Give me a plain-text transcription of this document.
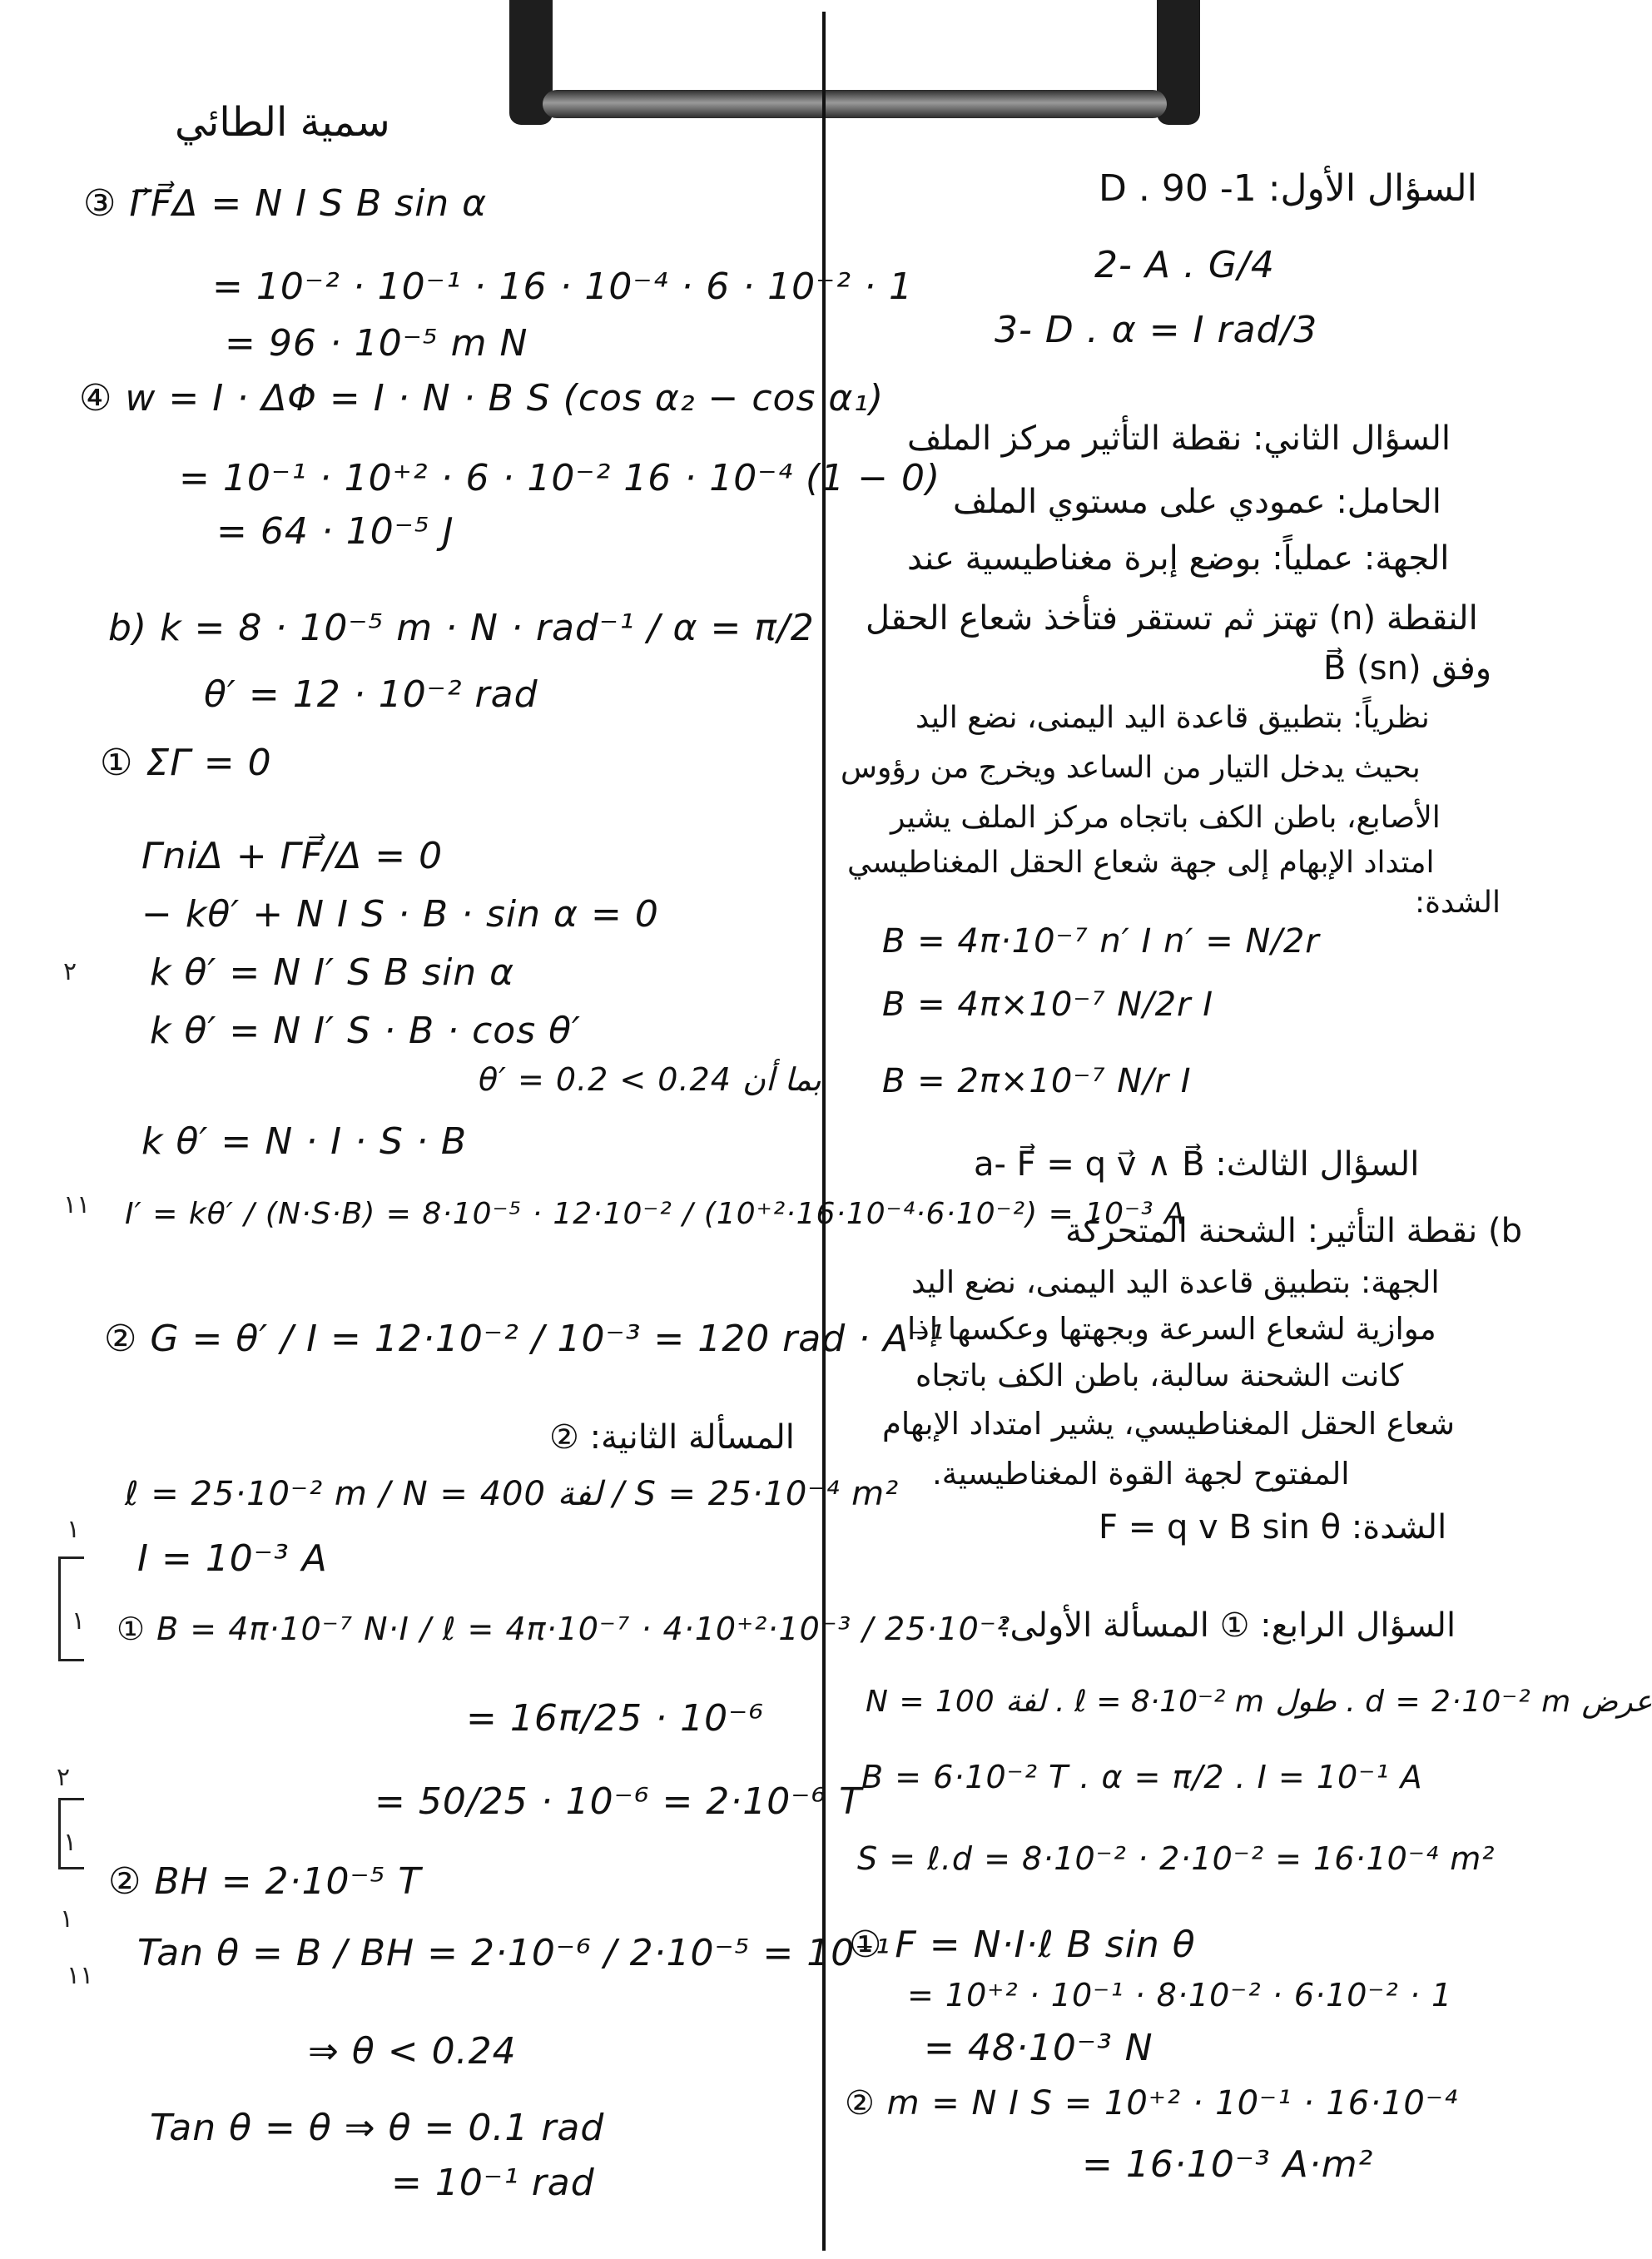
سمية الطائي
③ Γ⃗F⃗Δ = N I S B sin α
= 10⁻² · 10⁻¹ · 16 · 10⁻⁴ · 6 · 10⁻² · 1
= 96 · 10⁻⁵ m N
④ w = I · ΔΦ = I · N · B S (cos α₂ − cos α₁)
= 10⁻¹ · 10⁺² · 6 · 10⁻² 16 · 10⁻⁴ (1 − 0)
= 64 · 10⁻⁵ J
b) k = 8 · 10⁻⁵ m · N · rad⁻¹ / α = π/2
θ′ = 12 · 10⁻² rad
① ΣΓ = 0
ΓniΔ + ΓF⃗/Δ = 0
− kθ′ + N I S · B · sin α = 0
k θ′ = N I′ S B sin α
k θ′ = N I′ S · B · cos θ′
θ′ = 0.2 < 0.24 بما أن
k θ′ = N · I · S · B
I′ = kθ′ / (N·S·B) = 8·10⁻⁵ · 12·10⁻² / (10⁺²·16·10⁻⁴·6·10⁻²) = 10⁻³ A
② G = θ′ / I = 12·10⁻² / 10⁻³ = 120 rad · A⁻¹
المسألة الثانية: ②
ℓ = 25·10⁻² m / N = 400 لفة / S = 25·10⁻⁴ m²
I = 10⁻³ A
① B = 4π·10⁻⁷ N·I / ℓ = 4π·10⁻⁷ · 4·10⁺²·10⁻³ / 25·10⁻²
= 16π/25 · 10⁻⁶
= 50/25 · 10⁻⁶ = 2·10⁻⁶ T
② BH = 2·10⁻⁵ T
Tan θ = B / BH = 2·10⁻⁶ / 2·10⁻⁵ = 10⁻¹
⇒ θ < 0.24
Tan θ = θ ⇒ θ = 0.1 rad
= 10⁻¹ rad
٢
١١
١
٢
١
١
١١
١
السؤال الأول: 1- D . 90
2- A . G/4
3- D . α = I rad/3
السؤال الثاني: نقطة التأثير مركز الملف
الحامل: عمودي على مستوي الملف
الجهة: عملياً: بوضع إبرة مغناطيسية عند
النقطة (n) تهتز ثم تستقر فتأخذ شعاع الحقل
وفق (sn) B⃗
نظرياً: بتطبيق قاعدة اليد اليمنى، نضع اليد
بحيث يدخل التيار من الساعد ويخرج من رؤوس
الأصابع، باطن الكف باتجاه مركز الملف يشير
امتداد الإبهام إلى جهة شعاع الحقل المغناطيسي
الشدة:
B = 4π·10⁻⁷ n′ I n′ = N/2r
B = 4π×10⁻⁷ N/2r I
B = 2π×10⁻⁷ N/r I
السؤال الثالث: a- F⃗ = q v⃗ ∧ B⃗
b) نقطة التأثير: الشحنة المتحركة
الجهة: بتطبيق قاعدة اليد اليمنى، نضع اليد
موازية لشعاع السرعة وبجهتها وعكسها إذا
كانت الشحنة سالبة، باطن الكف باتجاه
شعاع الحقل المغناطيسي، يشير امتداد الإبهام
المفتوح لجهة القوة المغناطيسية.
الشدة: F = q v B sin θ
السؤال الرابع: ① المسألة الأولى:
N = 100 لفة . ℓ = 8·10⁻² m طول . d = 2·10⁻² m عرض
B = 6·10⁻² T . α = π/2 . I = 10⁻¹ A
S = ℓ.d = 8·10⁻² · 2·10⁻² = 16·10⁻⁴ m²
① F = N·I·ℓ B sin θ
= 10⁺² · 10⁻¹ · 8·10⁻² · 6·10⁻² · 1
= 48·10⁻³ N
② m = N I S = 10⁺² · 10⁻¹ · 16·10⁻⁴
= 16·10⁻³ A·m²
